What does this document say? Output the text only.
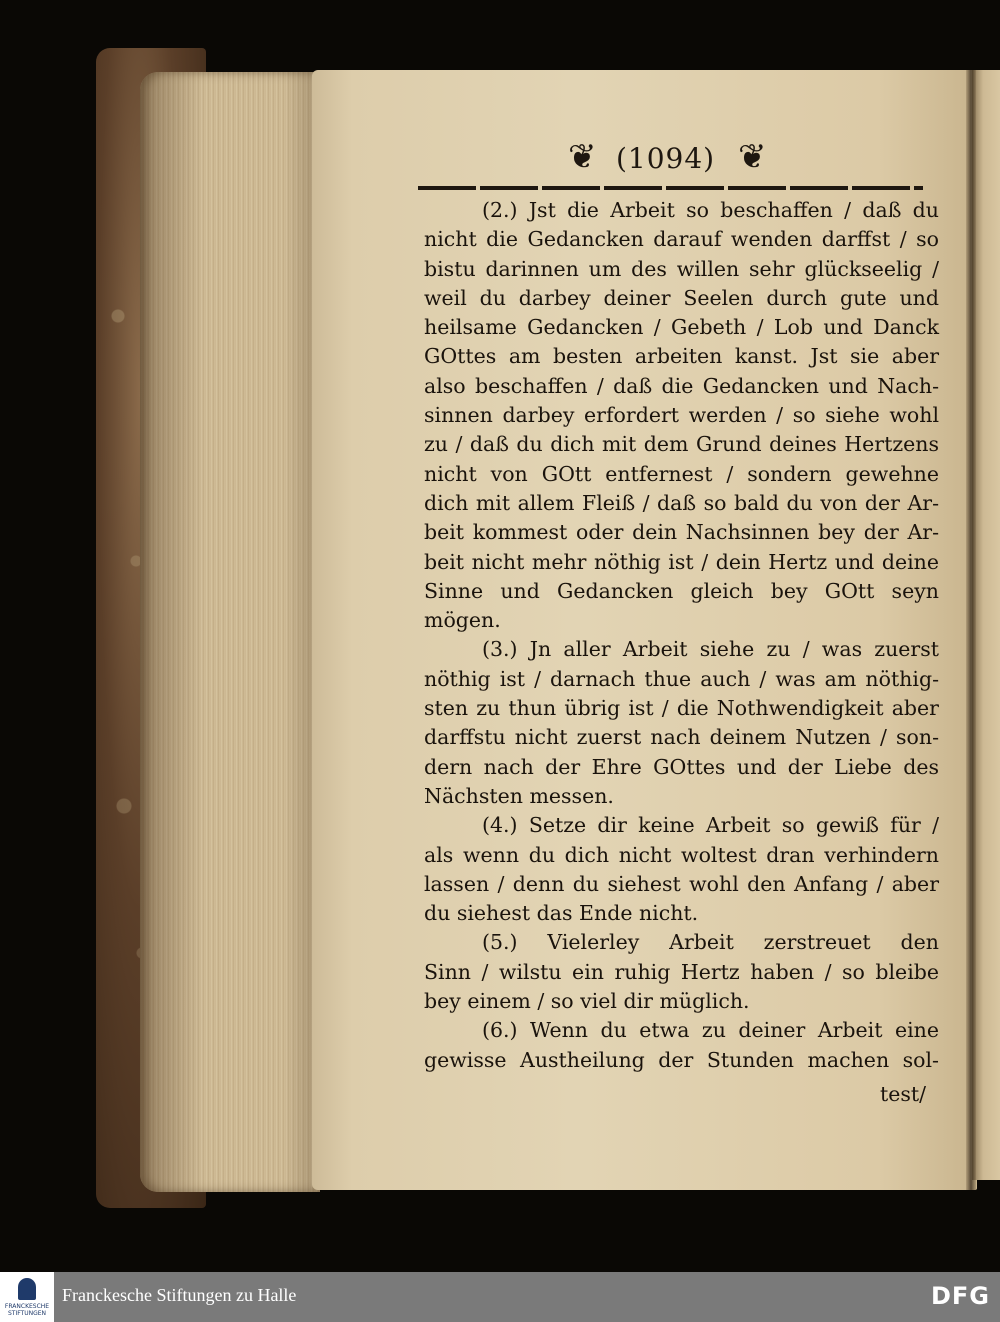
❦ (1094) ❦
(2.) Jst die Arbeit so beschaffen / daß du
nicht die Gedancken darauf wenden darffst / so
bistu darinnen um des willen sehr glückseelig /
weil du darbey deiner Seelen durch gute und
heilsame Gedancken / Gebeth / Lob und Danck
GOttes am besten arbeiten kanst. Jst sie aber
also beschaffen / daß die Gedancken und Nach-
sinnen darbey erfordert werden / so siehe wohl
zu / daß du dich mit dem Grund deines Hertzens
nicht von GOtt entfernest / sondern gewehne
dich mit allem Fleiß / daß so bald du von der Ar-
beit kommest oder dein Nachsinnen bey der Ar-
beit nicht mehr nöthig ist / dein Hertz und deine
Sinne und Gedancken gleich bey GOtt seyn
mögen.
(3.) Jn aller Arbeit siehe zu / was zuerst
nöthig ist / darnach thue auch / was am nöthig-
sten zu thun übrig ist / die Nothwendigkeit aber
darffstu nicht zuerst nach deinem Nutzen / son-
dern nach der Ehre GOttes und der Liebe des
Nächsten messen.
(4.) Setze dir keine Arbeit so gewiß für /
als wenn du dich nicht woltest dran verhindern
lassen / denn du siehest wohl den Anfang / aber
du siehest das Ende nicht.
(5.) Vielerley Arbeit zerstreuet den
Sinn / wilstu ein ruhig Hertz haben / so bleibe
bey einem / so viel dir müglich.
(6.) Wenn du etwa zu deiner Arbeit eine
gewisse Austheilung der Stunden machen sol-
test/
FRANCKESCHE STIFTUNGEN
Franckesche Stiftungen zu Halle	DFG
